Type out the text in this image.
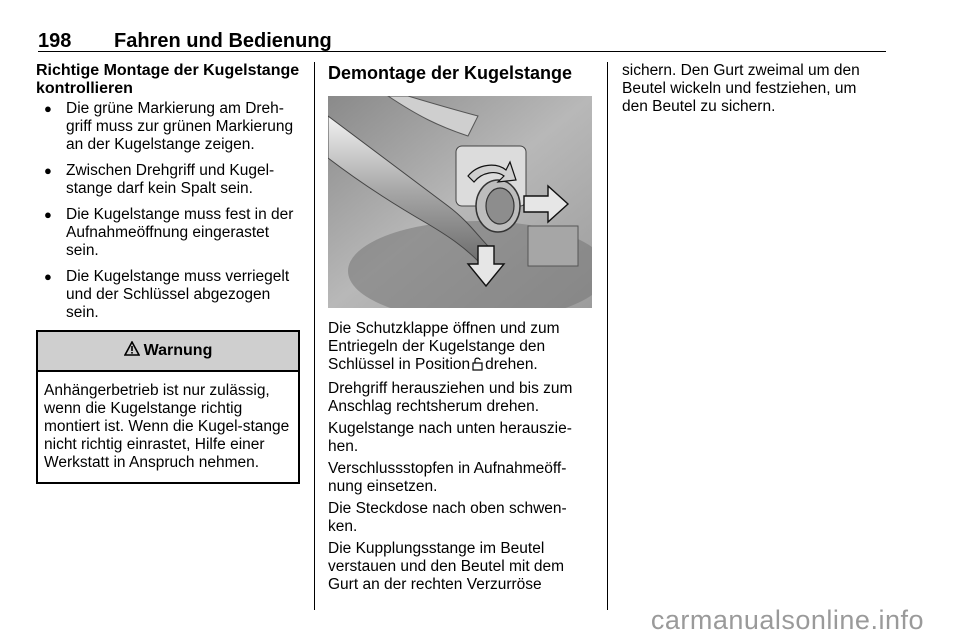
198 Fahren und Bedienung
Richtige Montage der Kugelstange
kontrollieren
● Die grüne Markierung am Dreh-griff muss zur grünen Markierung an der Kugelstange zeigen.
● Zwischen Drehgriff und Kugel-stange darf kein Spalt sein.
● Die Kugelstange muss fest in der Aufnahmeöffnung eingerastet sein.
● Die Kugelstange muss verriegelt und der Schlüssel abgezogen sein.
Warnung
Anhängerbetrieb ist nur zulässig, wenn die Kugelstange richtig montiert ist. Wenn die Kugel-stange nicht richtig einrastet, Hilfe einer Werkstatt in Anspruch nehmen.
Demontage der Kugelstange

Die Schutzklappe öffnen und zum Entriegeln der Kugelstange den Schlüssel in Position drehen.

Drehgriff herausziehen und bis zum Anschlag rechtsherum drehen.

Kugelstange nach unten herauszie-hen.

Verschlussstopfen in Aufnahmeöff-nung einsetzen.

Die Steckdose nach oben schwen-ken.

Die Kupplungsstange im Beutel verstauen und den Beutel mit dem Gurt an der rechten Verzurröse

sichern. Den Gurt zweimal um den Beutel wickeln und festziehen, um den Beutel zu sichern.

carmanualsonline.info
